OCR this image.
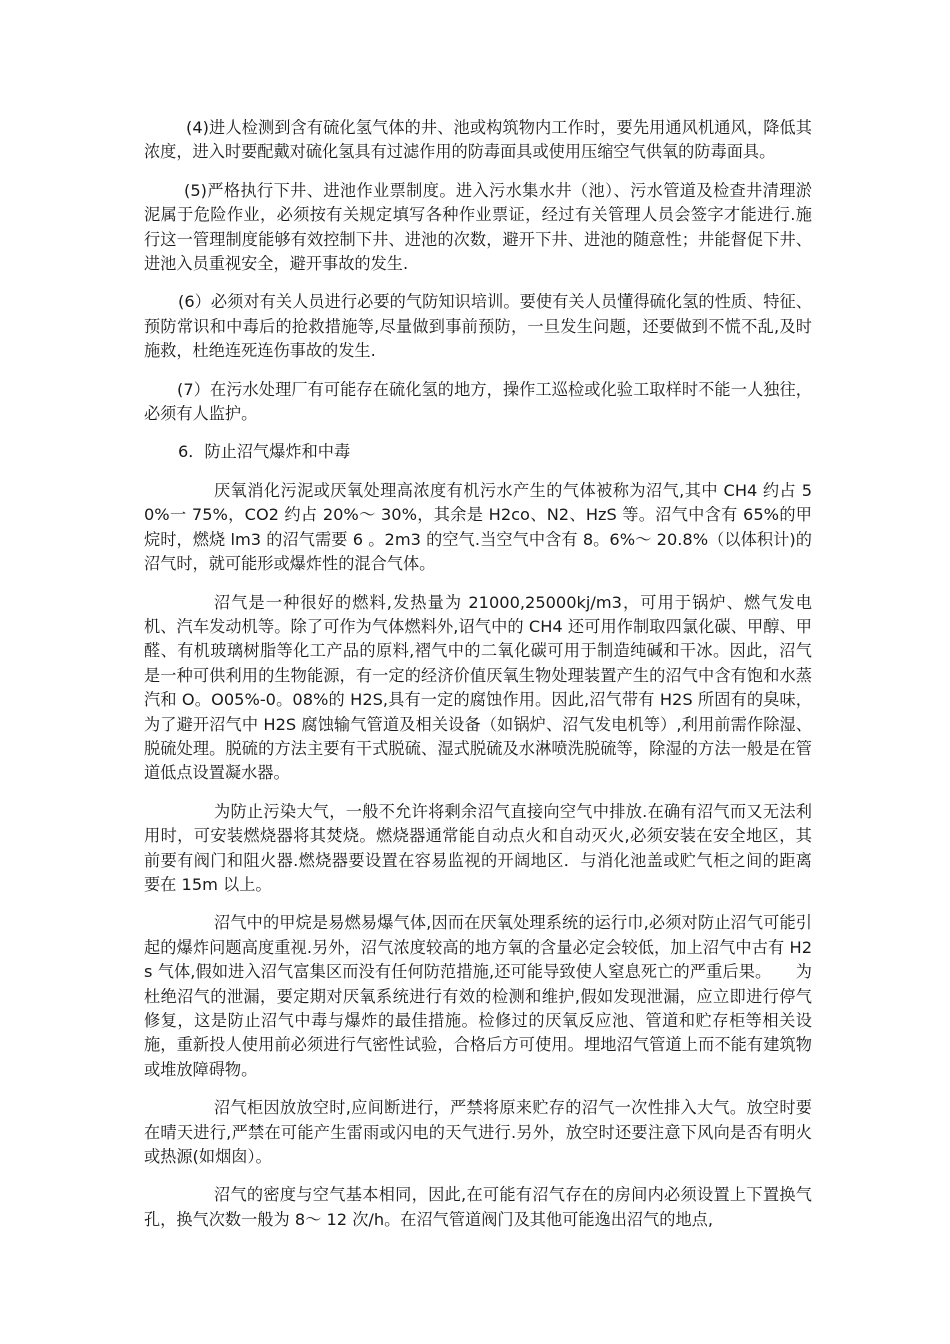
(4)进人检测到含有硫化氢气体的井、池或构筑物内工作时，要先用通风机通风，降低其浓度，进入时要配戴对硫化氢具有过滤作用的防毒面具或使用压缩空气供氧的防毒面具。

(5)严格执行下井、进池作业票制度。进入污水集水井（池）、污水管道及检查井清理淤泥属于危险作业，必须按有关规定填写各种作业票证，经过有关管理人员会签字才能进行.施行这一管理制度能够有效控制下井、进池的次数，避开下井、进池的随意性；井能督促下井、进池入员重视安全，避开事故的发生.

(6）必须对有关人员进行必要的气防知识培训。要使有关人员懂得硫化氢的性质、特征、预防常识和中毒后的抢救措施等,尽量做到事前预防，一旦发生问题，还要做到不慌不乱,及时施救，杜绝连死连伤事故的发生.

(7）在污水处理厂有可能存在硫化氢的地方，操作工巡检或化验工取样时不能一人独往，必须有人监护。

6．防止沼气爆炸和中毒

厌氧消化污泥或厌氧处理高浓度有机污水产生的气体被称为沼气,其中 CH4 约占 50%一 75%，CO2 约占 20%～ 30%，其余是 H2co、N2、HzS 等。沼气中含有 65%的甲烷时，燃烧 lm3 的沼气需要 6 。2m3 的空气.当空气中含有 8。6%～ 20.8%（以体积计)的沼气时，就可能形或爆炸性的混合气体。

沼气是一种很好的燃料,发热量为 21000,25000kj/m3，可用于锅炉、燃气发电机、汽车发动机等。除了可作为气体燃料外,诏气中的 CH4 还可用作制取四氯化碳、甲醇、甲醛、有机玻璃树脂等化工产品的原料,褶气中的二氧化碳可用于制造纯碱和干冰。因此，沼气是一种可供利用的生物能源，有一定的经济价值厌氧生物处理装置产生的沼气中含有饱和水蒸汽和 O。O05%-0。08%的 H2S,具有一定的腐蚀作用。因此,沼气带有 H2S 所固有的臭味，为了避开沼气中 H2S 腐蚀输气管道及相关设备（如锅炉、沼气发电机等）,利用前需作除湿、脱硫处理。脱硫的方法主要有干式脱硫、湿式脱硫及水淋喷洗脱硫等，除湿的方法一般是在管道低点设置凝水器。

为防止污染大气，一般不允许将剩余沼气直接向空气中排放.在确有沼气而又无法利用时，可安装燃烧器将其焚烧。燃烧器通常能自动点火和自动灭火,必须安装在安全地区，其前要有阀门和阻火器.燃烧器要设置在容易监视的开阔地区．与消化池盖或贮气柜之间的距离要在 15m 以上。

沼气中的甲烷是易燃易爆气体,因而在厌氧处理系统的运行巾,必须对防止沼气可能引起的爆炸问题高度重视.另外，沼气浓度较高的地方氧的含量必定会较低，加上沼气中古有 H2s 气体,假如进入沼气富集区而没有任何防范措施,还可能导致使人窒息死亡的严重后果。　　为杜绝沼气的泄漏，要定期对厌氧系统进行有效的检测和维护,假如发现泄漏，应立即进行停气修复，这是防止沼气中毒与爆炸的最佳措施。检修过的厌氧反应池、管道和贮存柜等相关设施，重新投人使用前必须进行气密性试验，合格后方可使用。埋地沼气管道上而不能有建筑物或堆放障碍物。

沼气柜因放放空时,应间断进行，严禁将原来贮存的沼气一次性排入大气。放空时要在晴天进行,严禁在可能产生雷雨或闪电的天气进行.另外，放空时还要注意下风向是否有明火或热源(如烟囱）。

沼气的密度与空气基本相同，因此,在可能有沼气存在的房间内必须设置上下置换气孔，换气次数一般为 8～ 12 次/h。在沼气管道阀门及其他可能逸出沼气的地点,
